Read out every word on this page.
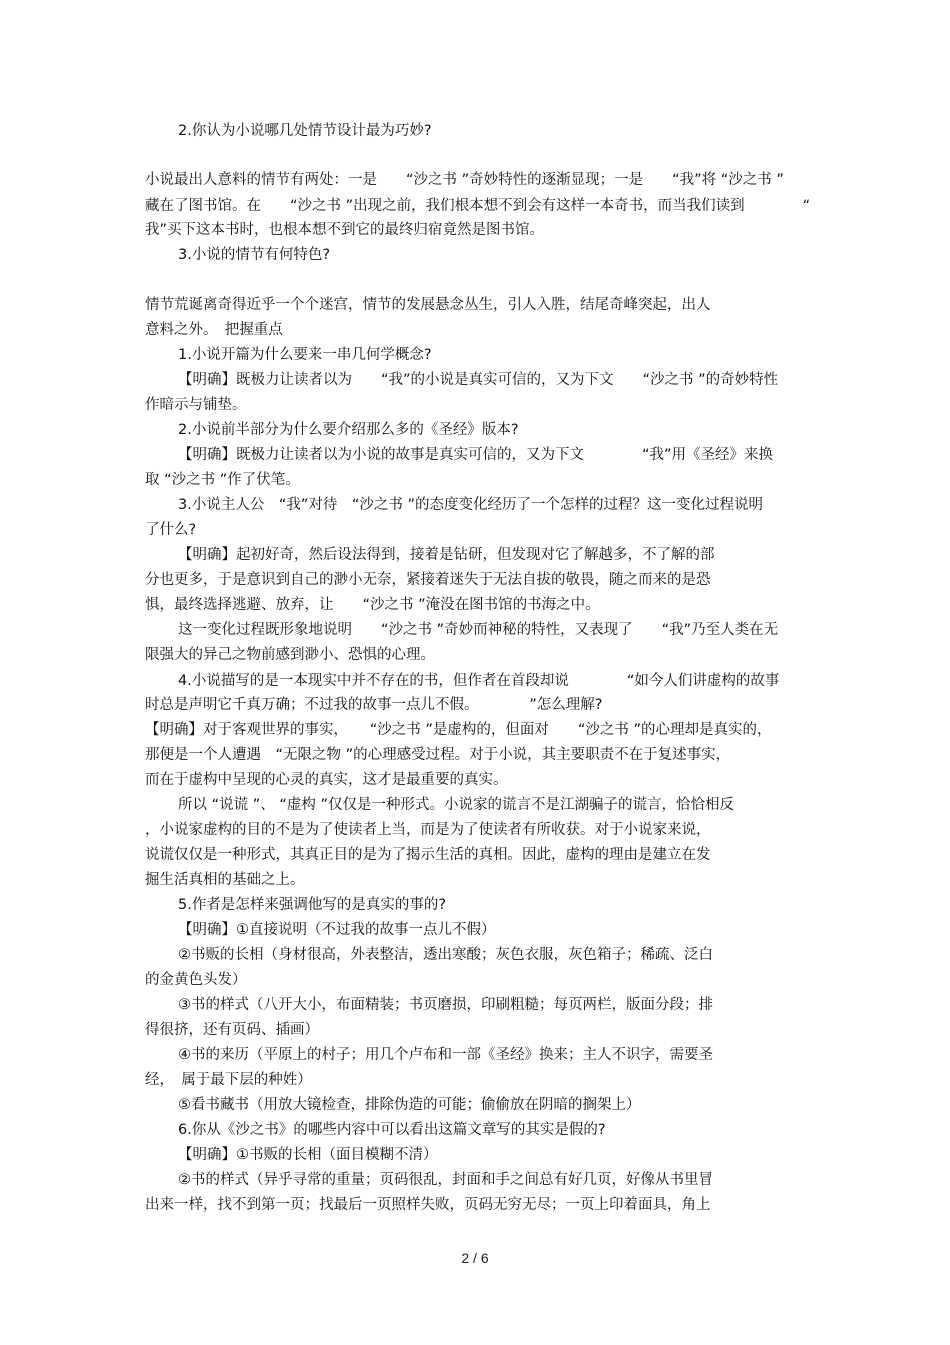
2.你认为小说哪几处情节设计最为巧妙?
小说最出人意料的情节有两处：一是　　“沙之书 ”奇妙特性的逐渐显现；一是　　“我”将 “沙之书 ”
藏在了图书馆。在　　“沙之书 ”出现之前，我们根本想不到会有这样一本奇书，而当我们读到　　　　“
我”买下这本书时，也根本想不到它的最终归宿竟然是图书馆。
3.小说的情节有何特色?
情节荒诞离奇得近乎一个个迷宫，情节的发展悬念丛生，引人入胜，结尾奇峰突起，出人
意料之外。　把握重点
1.小说开篇为什么要来一串几何学概念?
【明确】既极力让读者以为　　“我”的小说是真实可信的，又为下文　　“沙之书 ”的奇妙特性
作暗示与铺垫。
2.小说前半部分为什么要介绍那么多的《圣经》版本?
【明确】既极力让读者以为小说的故事是真实可信的，又为下文　　　　“我”用《圣经》来换
取 “沙之书 ”作了伏笔。
3.小说主人公　“我”对待　“沙之书 ”的态度变化经历了一个怎样的过程？这一变化过程说明
了什么?
【明确】起初好奇，然后设法得到，接着是钻研，但发现对它了解越多，不了解的部
分也更多，于是意识到自己的渺小无奈，紧接着迷失于无法自拔的敬畏，随之而来的是恐
惧，最终选择逃避、放弃，让　　“沙之书 ”淹没在图书馆的书海之中。
这一变化过程既形象地说明　　“沙之书 ”奇妙而神秘的特性，又表现了　　“我”乃至人类在无
限强大的异己之物前感到渺小、恐惧的心理。
4.小说描写的是一本现实中并不存在的书，但作者在首段却说　　　　“如今人们讲虚构的故事
时总是声明它千真万确；不过我的故事一点儿不假。　　　　”怎么理解?
【明确】对于客观世界的事实，　　“沙之书 ”是虚构的，但面对　　“沙之书 ”的心理却是真实的，
那便是一个人遭遇　“无限之物 ”的心理感受过程。对于小说，其主要职责不在于复述事实，
而在于虚构中呈现的心灵的真实，这才是最重要的真实。
所以 “说谎 ”、 “虚构 ”仅仅是一种形式。小说家的谎言不是江湖骗子的谎言，恰恰相反
，小说家虚构的目的不是为了使读者上当，而是为了使读者有所收获。对于小说家来说，
说谎仅仅是一种形式，其真正目的是为了揭示生活的真相。因此，虚构的理由是建立在发
掘生活真相的基础之上。
5.作者是怎样来强调他写的是真实的事的?
【明确】①直接说明（不过我的故事一点儿不假）
②书贩的长相（身材很高，外表整洁，透出寒酸；灰色衣服，灰色箱子；稀疏、泛白
的金黄色头发）
③书的样式（八开大小，布面精装；书页磨损，印刷粗糙；每页两栏，版面分段；排
得很挤，还有页码、插画）
④书的来历（平原上的村子；用几个卢布和一部《圣经》换来；主人不识字，需要圣
经，　属于最下层的种姓）
⑤看书藏书（用放大镜检查，排除伪造的可能；偷偷放在阴暗的搁架上）
6.你从《沙之书》的哪些内容中可以看出这篇文章写的其实是假的?
【明确】①书贩的长相（面目模糊不清）
②书的样式（异乎寻常的重量；页码很乱，封面和手之间总有好几页，好像从书里冒
出来一样，找不到第一页；找最后一页照样失败，页码无穷无尽；一页上印着面具，角上
2 / 6
